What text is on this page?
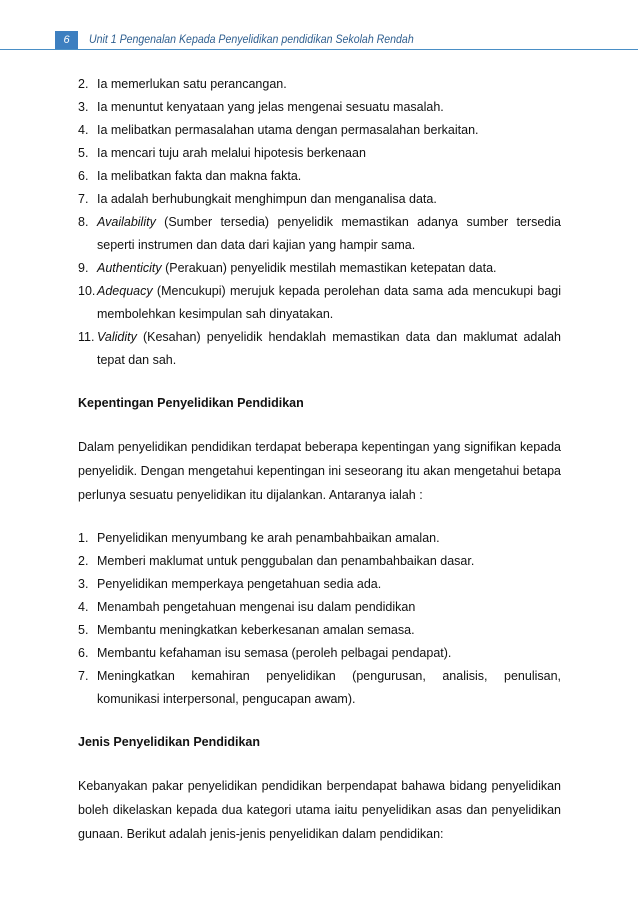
6	Unit 1 Pengenalan Kepada Penyelidikan pendidikan Sekolah Rendah
2. Ia memerlukan satu perancangan.
3. Ia menuntut kenyataan yang jelas mengenai sesuatu masalah.
4. Ia melibatkan permasalahan utama dengan permasalahan berkaitan.
5. Ia mencari tuju arah melalui hipotesis berkenaan
6. Ia melibatkan fakta dan makna fakta.
7. Ia adalah berhubungkait menghimpun dan menganalisa data.
8. Availability (Sumber tersedia) penyelidik memastikan adanya sumber tersedia seperti instrumen dan data dari kajian yang hampir sama.
9. Authenticity (Perakuan) penyelidik mestilah memastikan ketepatan data.
10. Adequacy (Mencukupi) merujuk kepada perolehan data sama ada mencukupi bagi membolehkan kesimpulan sah dinyatakan.
11. Validity (Kesahan) penyelidik hendaklah memastikan data dan maklumat adalah tepat dan sah.

Kepentingan Penyelidikan Pendidikan

Dalam penyelidikan pendidikan terdapat beberapa kepentingan yang signifikan kepada penyelidik. Dengan mengetahui kepentingan ini seseorang itu akan mengetahui betapa perlunya sesuatu penyelidikan itu dijalankan. Antaranya ialah :

1. Penyelidikan menyumbang ke arah penambahbaikan amalan.
2. Memberi maklumat untuk penggubalan dan penambahbaikan dasar.
3. Penyelidikan memperkaya pengetahuan sedia ada.
4. Menambah pengetahuan mengenai isu dalam pendidikan
5. Membantu meningkatkan keberkesanan amalan semasa.
6. Membantu kefahaman isu semasa (peroleh pelbagai pendapat).
7. Meningkatkan kemahiran penyelidikan (pengurusan, analisis, penulisan, komunikasi interpersonal, pengucapan awam).

Jenis Penyelidikan Pendidikan

Kebanyakan pakar penyelidikan pendidikan berpendapat bahawa bidang penyelidikan boleh dikelaskan kepada dua kategori utama iaitu penyelidikan asas dan penyelidikan gunaan. Berikut adalah jenis-jenis penyelidikan dalam pendidikan:
